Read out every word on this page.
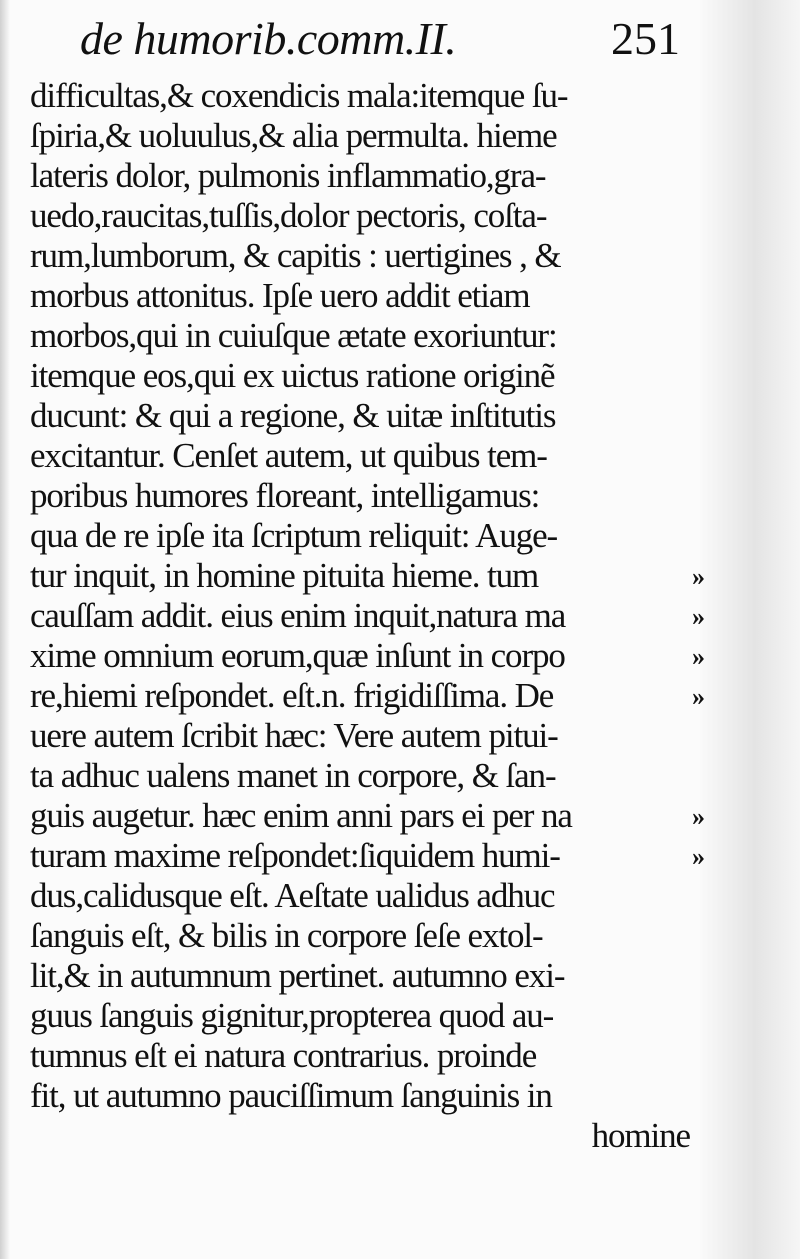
de humorib.comm.II.	251
difficultas,& coxendicis mala:itemque ſu-
ſpiria,& uoluulus,& alia permulta. hieme
lateris dolor, pulmonis inflammatio,gra-
uedo,raucitas,tuſſis,dolor pectoris, coſta-
rum,lumborum, & capitis : uertigines , &
morbus attonitus. Ipſe uero addit etiam
morbos,qui in cuiuſque ætate exoriuntur:
itemque eos,qui ex uictus ratione originẽ
ducunt: & qui a regione, & uitæ inſtitutis
excitantur. Cenſet autem, ut quibus tem-
poribus humores floreant, intelligamus:
qua de re ipſe ita ſcriptum reliquit: Auge-
tur inquit, in homine pituita hieme. tum
cauſſam addit. eius enim inquit,natura ma
xime omnium eorum,quæ inſunt in corpo
re,hiemi reſpondet. eſt.n. frigidiſſima. De
uere autem ſcribit hæc: Vere autem pitui-
ta adhuc ualens manet in corpore, & ſan-
guis augetur. hæc enim anni pars ei per na
turam maxime reſpondet:ſiquidem humi-
dus,calidusque eſt. Aeſtate ualidus adhuc
ſanguis eſt, & bilis in corpore ſeſe extol-
lit,& in autumnum pertinet. autumno exi-
guus ſanguis gignitur,propterea quod au-
tumnus eſt ei natura contrarius. proinde
fit, ut autumno pauciſſimum ſanguinis in
homine
»
»
»
»
»
»
